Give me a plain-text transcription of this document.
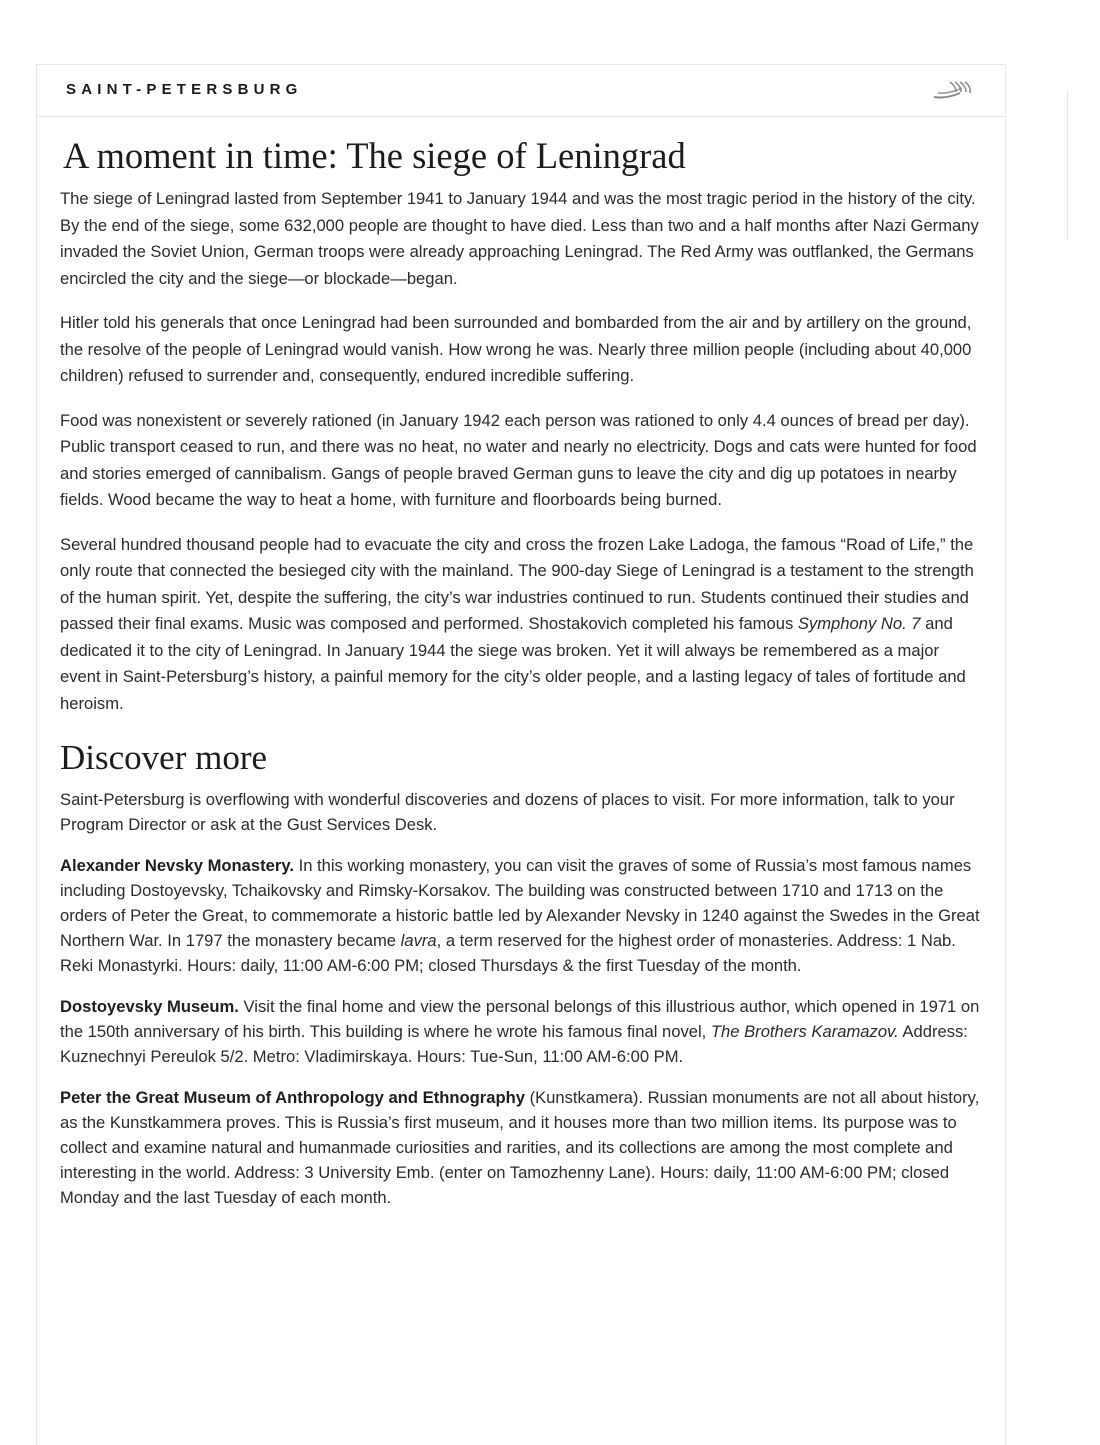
SAINT-PETERSBURG
A moment in time: The siege of Leningrad

The siege of Leningrad lasted from September 1941 to January 1944 and was the most tragic period in the history of the city. By the end of the siege, some 632,000 people are thought to have died. Less than two and a half months after Nazi Germany invaded the Soviet Union, German troops were already approaching Leningrad. The Red Army was outflanked, the Germans encircled the city and the siege—or blockade—began.

Hitler told his generals that once Leningrad had been surrounded and bombarded from the air and by artillery on the ground, the resolve of the people of Leningrad would vanish. How wrong he was. Nearly three million people (including about 40,000 children) refused to surrender and, consequently, endured incredible suffering.

Food was nonexistent or severely rationed (in January 1942 each person was rationed to only 4.4 ounces of bread per day). Public transport ceased to run, and there was no heat, no water and nearly no electricity. Dogs and cats were hunted for food and stories emerged of cannibalism. Gangs of people braved German guns to leave the city and dig up potatoes in nearby fields. Wood became the way to heat a home, with furniture and floorboards being burned.

Several hundred thousand people had to evacuate the city and cross the frozen Lake Ladoga, the famous “Road of Life,” the only route that connected the besieged city with the mainland. The 900-day Siege of Leningrad is a testament to the strength of the human spirit. Yet, despite the suffering, the city’s war industries continued to run. Students continued their studies and passed their final exams. Music was composed and performed. Shostakovich completed his famous Symphony No. 7 and dedicated it to the city of Leningrad. In January 1944 the siege was broken. Yet it will always be remembered as a major event in Saint-Petersburg’s history, a painful memory for the city’s older people, and a lasting legacy of tales of fortitude and heroism.

Discover more

Saint-Petersburg is overflowing with wonderful discoveries and dozens of places to visit. For more information, talk to your Program Director or ask at the Gust Services Desk.

Alexander Nevsky Monastery. In this working monastery, you can visit the graves of some of Russia’s most famous names including Dostoyevsky, Tchaikovsky and Rimsky-Korsakov. The building was constructed between 1710 and 1713 on the orders of Peter the Great, to commemorate a historic battle led by Alexander Nevsky in 1240 against the Swedes in the Great Northern War. In 1797 the monastery became lavra, a term reserved for the highest order of monasteries. Address: 1 Nab. Reki Monastyrki. Hours: daily, 11:00 AM-6:00 PM; closed Thursdays & the first Tuesday of the month.

Dostoyevsky Museum. Visit the final home and view the personal belongs of this illustrious author, which opened in 1971 on the 150th anniversary of his birth. This building is where he wrote his famous final novel, The Brothers Karamazov. Address: Kuznechnyi Pereulok 5/2. Metro: Vladimirskaya. Hours: Tue-Sun, 11:00 AM-6:00 PM.

Peter the Great Museum of Anthropology and Ethnography (Kunstkamera). Russian monuments are not all about history, as the Kunstkammera proves. This is Russia’s first museum, and it houses more than two million items. Its purpose was to collect and examine natural and humanmade curiosities and rarities, and its collections are among the most complete and interesting in the world. Address: 3 University Emb. (enter on Tamozhenny Lane). Hours: daily, 11:00 AM-6:00 PM; closed Monday and the last Tuesday of each month.
